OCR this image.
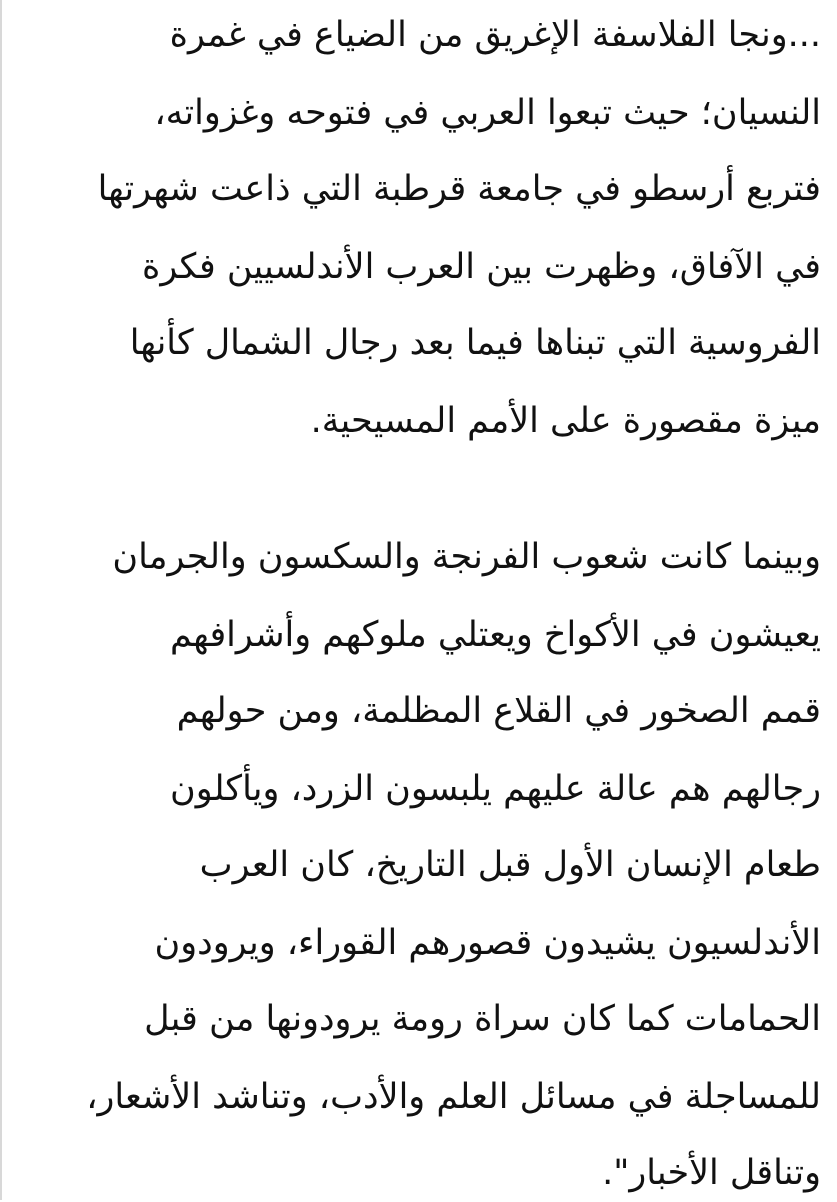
...ونجا الفلاسفة الإغريق من الضياع في غمرة
النسيان؛ حيث تبعوا العربي في فتوحه وغزواته،
فتربع أرسطو في جامعة قرطبة التي ذاعت شهرتها
في الآفاق، وظهرت بين العرب الأندلسيين فكرة
الفروسية التي تبناها فيما بعد رجال الشمال كأنها
ميزة مقصورة على الأمم المسيحية.
وبينما كانت شعوب الفرنجة والسكسون والجرمان
يعيشون في الأكواخ ويعتلي ملوكهم وأشرافهم
قمم الصخور في القلاع المظلمة، ومن حولهم
رجالهم هم عالة عليهم يلبسون الزرد، ويأكلون
طعام الإنسان الأول قبل التاريخ، كان العرب
الأندلسيون يشيدون قصورهم القوراء، ويرودون
الحمامات كما كان سراة رومة يرودونها من قبل
للمساجلة في مسائل العلم والأدب، وتناشد الأشعار،
وتناقل الأخبار".
